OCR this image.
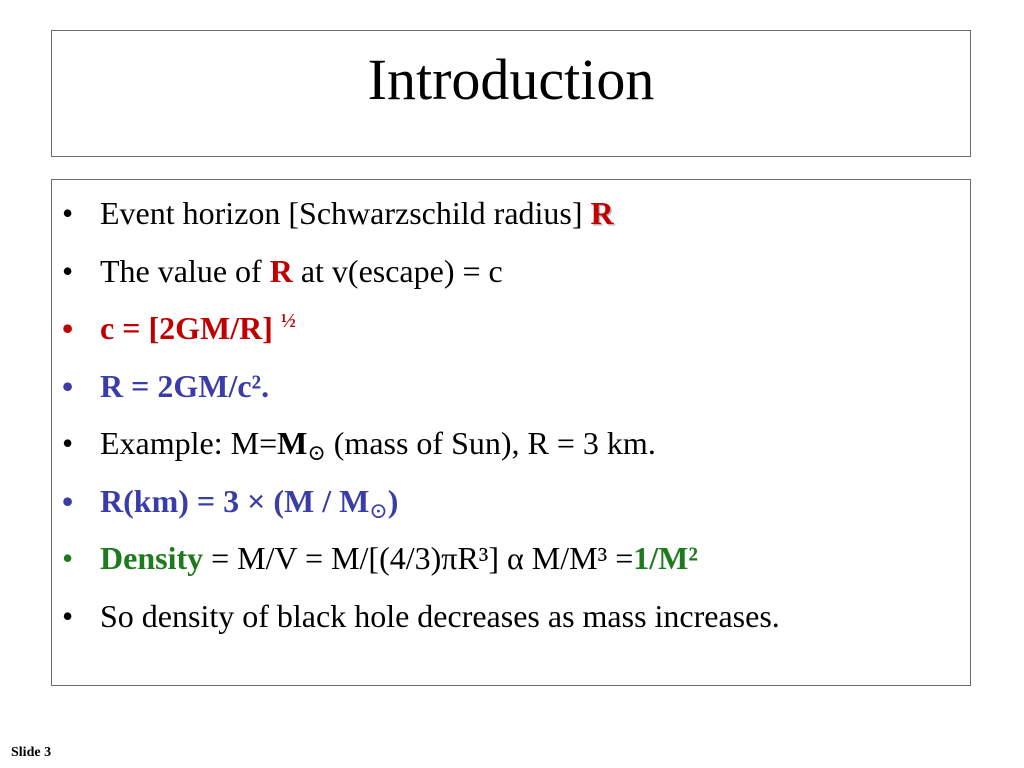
Introduction
• Event horizon [Schwarzschild radius] R
• The value of R at v(escape) = c
• c = [2GM/R] $^{\frac{1}{2}}$
• R = 2GM/c².
• Example: $M=M_⊙$ (mass of Sun), R = 3 km.
• $R(km) = 3 \times (M / M_⊙)$
• Density = M/V = M/[(4/3)πR³] α M/M³ =1/M²
• So density of black hole decreases as mass increases.
Slide 3
